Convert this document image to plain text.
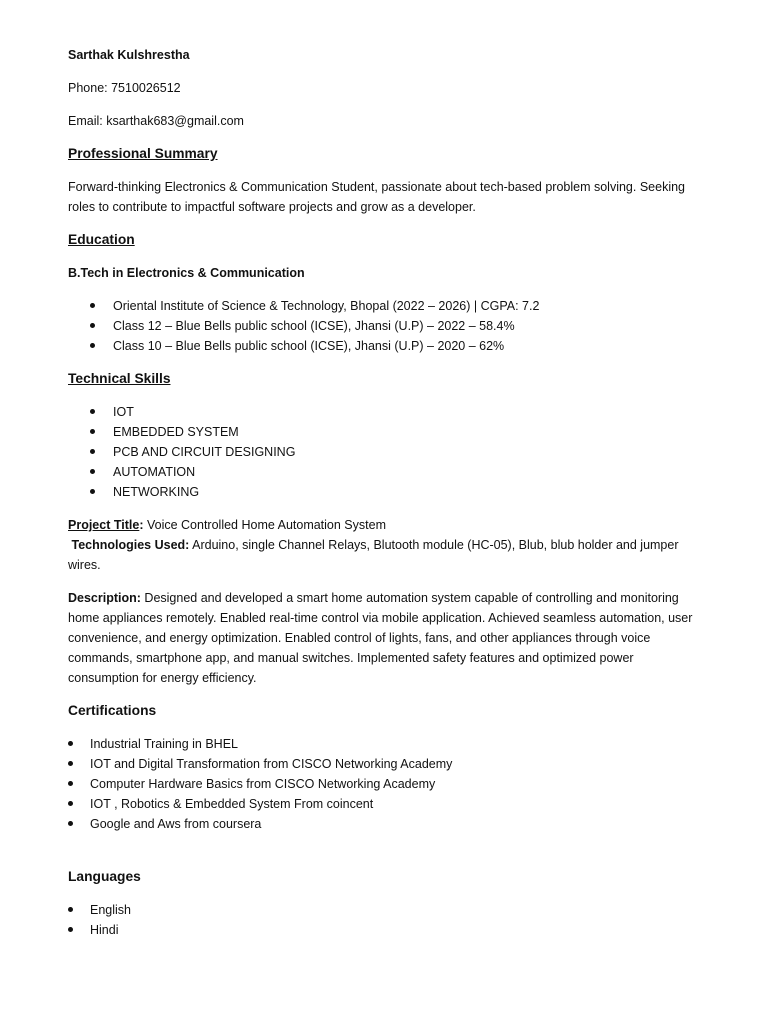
Sarthak Kulshrestha
Phone: 7510026512
Email: ksarthak683@gmail.com
Professional Summary
Forward-thinking Electronics & Communication Student, passionate about tech-based problem solving. Seeking roles to contribute to impactful software projects and grow as a developer.
Education
B.Tech in Electronics & Communication
Oriental Institute of Science & Technology, Bhopal (2022 – 2026) | CGPA: 7.2
Class 12 – Blue Bells public school (ICSE), Jhansi (U.P) – 2022 – 58.4%
Class 10 – Blue Bells public school (ICSE), Jhansi (U.P) – 2020 – 62%
Technical Skills
IOT
EMBEDDED SYSTEM
PCB AND CIRCUIT DESIGNING
AUTOMATION
NETWORKING
Project Title: Voice Controlled Home Automation System
Technologies Used: Arduino, single Channel Relays, Blutooth module (HC-05), Blub, blub holder and jumper wires.
Description: Designed and developed a smart home automation system capable of controlling and monitoring home appliances remotely. Enabled real-time control via mobile application. Achieved seamless automation, user convenience, and energy optimization. Enabled control of lights, fans, and other appliances through voice commands, smartphone app, and manual switches. Implemented safety features and optimized power consumption for energy efficiency.
Certifications
Industrial Training in BHEL
IOT and Digital Transformation from CISCO Networking Academy
Computer Hardware Basics from CISCO Networking Academy
IOT , Robotics & Embedded System From coincent
Google and Aws from coursera
Languages
English
Hindi
